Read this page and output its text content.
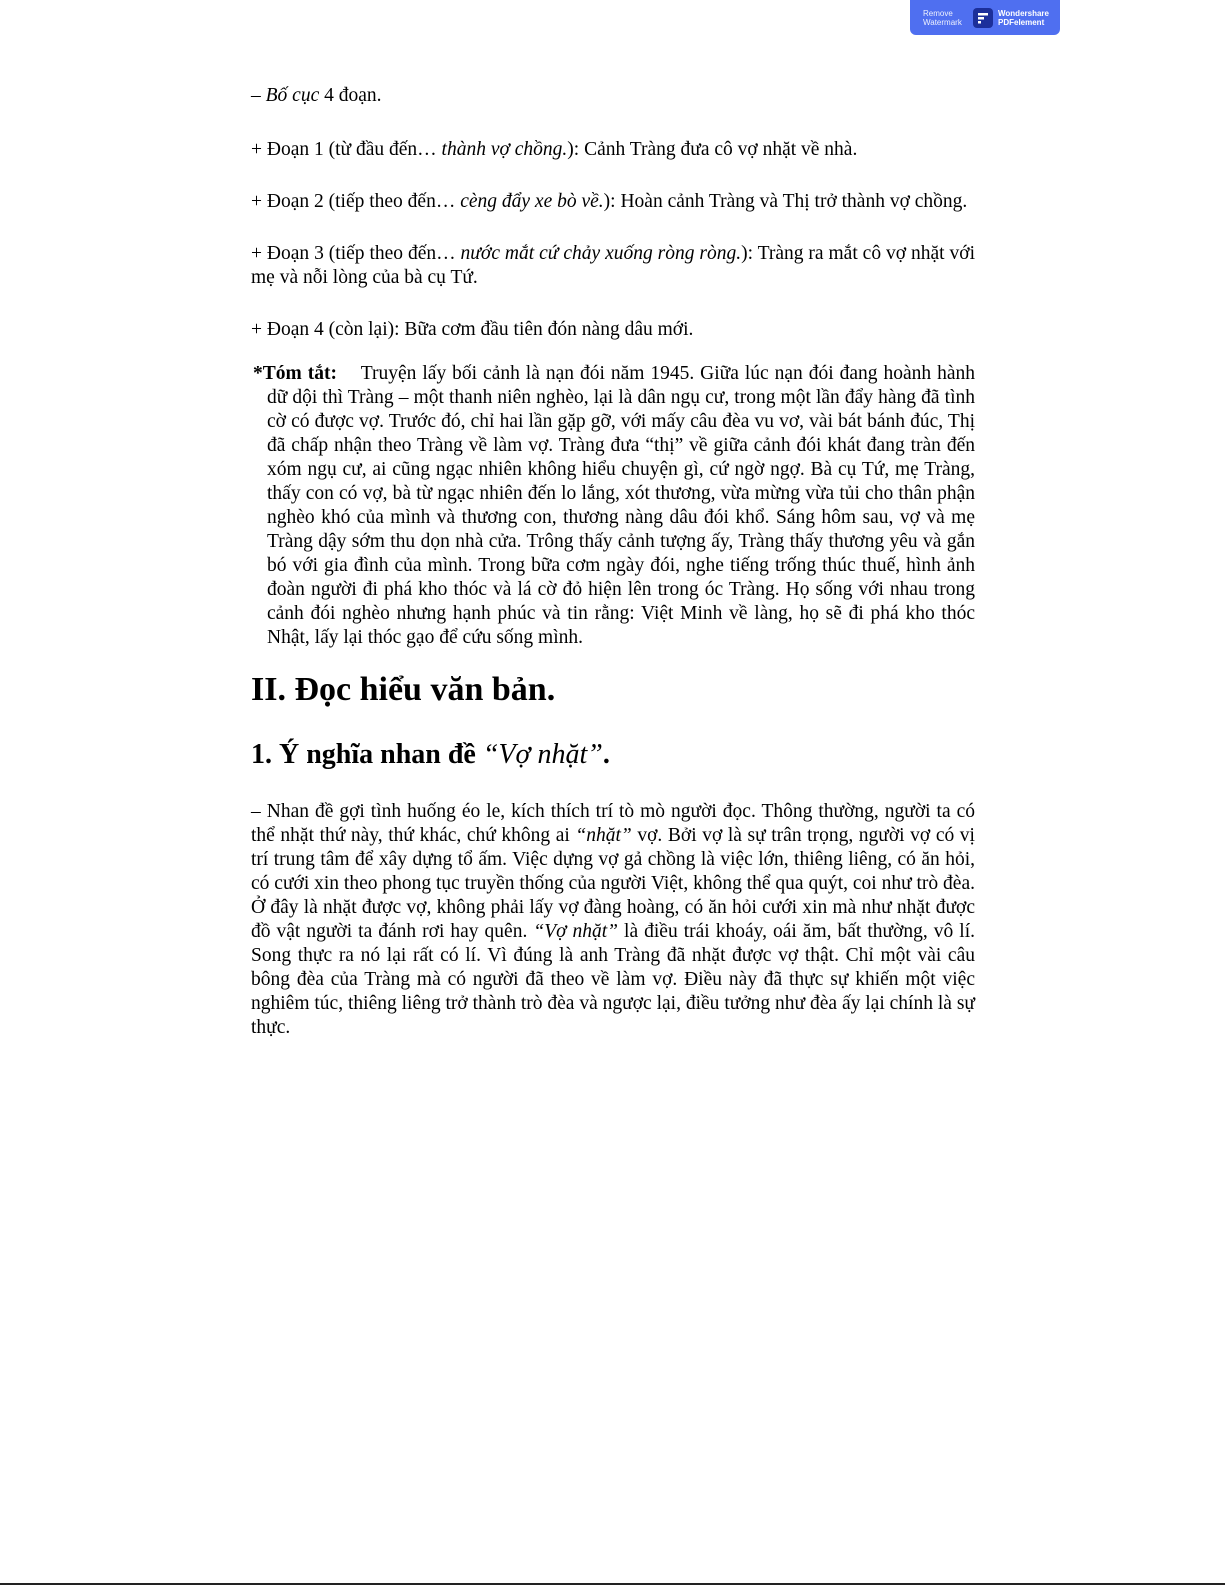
Remove
Watermark
Wondershare
PDFelement

– Bố cục 4 đoạn.

+ Đoạn 1 (từ đầu đến… thành vợ chồng.): Cảnh Tràng đưa cô vợ nhặt về nhà.

+ Đoạn 2 (tiếp theo đến… cèng đẩy xe bò về.): Hoàn cảnh Tràng và Thị trở thành vợ chồng.

+ Đoạn 3 (tiếp theo đến… nước mắt cứ chảy xuống ròng ròng.): Tràng ra mắt cô vợ nhặt với mẹ và nỗi lòng của bà cụ Tứ.

+ Đoạn 4 (còn lại): Bữa cơm đầu tiên đón nàng dâu mới.

*Tóm tắt: Truyện lấy bối cảnh là nạn đói năm 1945. Giữa lúc nạn đói đang hoành hành dữ dội thì Tràng – một thanh niên nghèo, lại là dân ngụ cư, trong một lần đẩy hàng đã tình cờ có được vợ. Trước đó, chỉ hai lần gặp gỡ, với mấy câu đèa vu vơ, vài bát bánh đúc, Thị đã chấp nhận theo Tràng về làm vợ. Tràng đưa “thị” về giữa cảnh đói khát đang tràn đến xóm ngụ cư, ai cũng ngạc nhiên không hiểu chuyện gì, cứ ngờ ngợ. Bà cụ Tứ, mẹ Tràng, thấy con có vợ, bà từ ngạc nhiên đến lo lắng, xót thương, vừa mừng vừa tủi cho thân phận nghèo khó của mình và thương con, thương nàng dâu đói khổ. Sáng hôm sau, vợ và mẹ Tràng dậy sớm thu dọn nhà cửa. Trông thấy cảnh tượng ấy, Tràng thấy thương yêu và gắn bó với gia đình của mình. Trong bữa cơm ngày đói, nghe tiếng trống thúc thuế, hình ảnh đoàn người đi phá kho thóc và lá cờ đỏ hiện lên trong óc Tràng. Họ sống với nhau trong cảnh đói nghèo nhưng hạnh phúc và tin rằng: Việt Minh về làng, họ sẽ đi phá kho thóc Nhật, lấy lại thóc gạo để cứu sống mình.

II. Đọc hiểu văn bản.

1. Ý nghĩa nhan đề “Vợ nhặt”.

– Nhan đề gợi tình huống éo le, kích thích trí tò mò người đọc. Thông thường, người ta có thể nhặt thứ này, thứ khác, chứ không ai “nhặt” vợ. Bởi vợ là sự trân trọng, người vợ có vị trí trung tâm để xây dựng tổ ấm. Việc dựng vợ gả chồng là việc lớn, thiêng liêng, có ăn hỏi, có cưới xin theo phong tục truyền thống của người Việt, không thể qua quýt, coi như trò đèa. Ở đây là nhặt được vợ, không phải lấy vợ đàng hoàng, có ăn hỏi cưới xin mà như nhặt được đồ vật người ta đánh rơi hay quên. “Vợ nhặt” là điều trái khoáy, oái ăm, bất thường, vô lí. Song thực ra nó lại rất có lí. Vì đúng là anh Tràng đã nhặt được vợ thật. Chỉ một vài câu bông đèa của Tràng mà có người đã theo về làm vợ. Điều này đã thực sự khiến một việc nghiêm túc, thiêng liêng trở thành trò đèa và ngược lại, điều tưởng như đèa ấy lại chính là sự thực.
